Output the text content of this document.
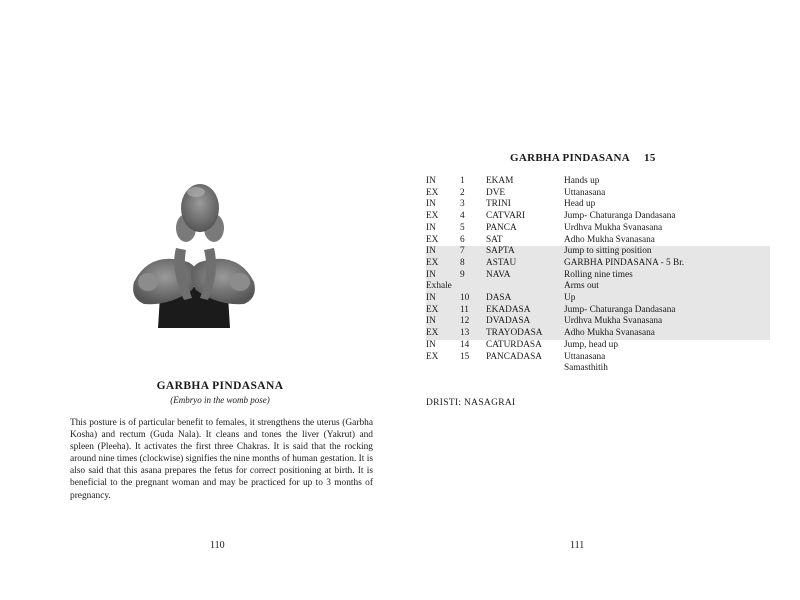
GARBHA PINDASANA
(Embryo in the womb pose)

This posture is of particular benefit to females, it strengthens the uterus (Garbha Kosha) and rectum (Guda Nala). It cleans and tones the liver (Yakrut) and spleen (Pleeha). It activates the first three Chakras. It is said that the rocking around nine times (clockwise) signifies the nine months of human gestation. It is also said that this asana prepares the fetus for correct positioning at birth. It is beneficial to the pregnant woman and may be practiced for up to 3 months of pregnancy.

110
GARBHA PINDASANA 15
IN	1	EKAM	Hands up
EX	2	DVE	Uttanasana
IN	3	TRINI	Head up
EX	4	CATVARI	Jump- Chaturanga Dandasana
IN	5	PANCA	Urdhva Mukha Svanasana
EX	6	SAT	Adho Mukha Svanasana
IN	7	SAPTA	Jump to sitting position
EX	8	ASTAU	GARBHA PINDASANA - 5 Br.
IN	9	NAVA	Rolling nine times
Exhale			Arms out
IN	10	DASA	Up
EX	11	EKADASA	Jump- Chaturanga Dandasana
IN	12	DVADASA	Urdhva Mukha Svanasana
EX	13	TRAYODASA	Adho Mukha Svanasana
IN	14	CATURDASA	Jump, head up
EX	15	PANCADASA	Uttanasana
			Samasthitih
DRISTI: NASAGRAI
111
